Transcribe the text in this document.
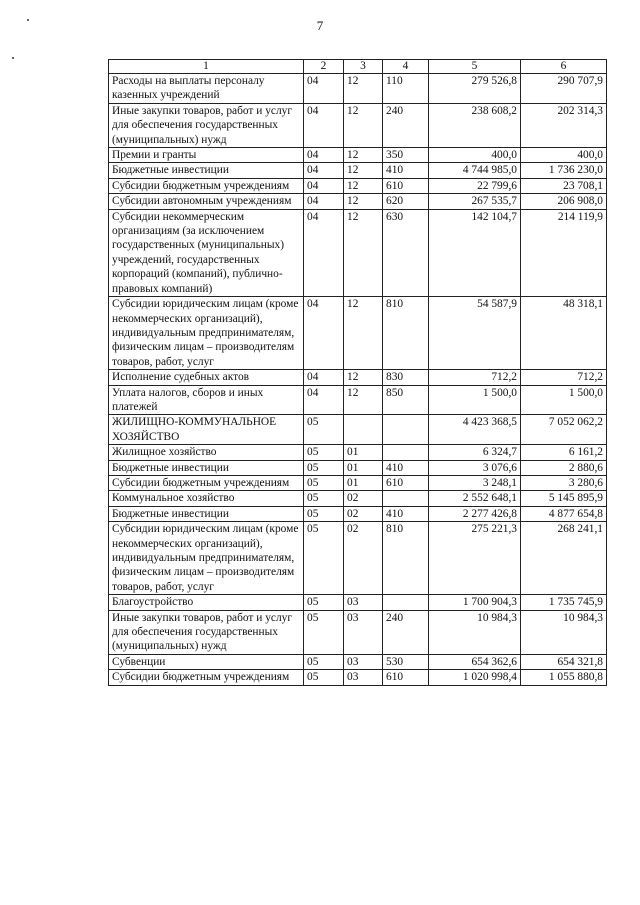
7
1	2	3	4	5	6
Расходы на выплаты персоналу казенных учреждений	04	12	110	279 526,8	290 707,9
Иные закупки товаров, работ и услуг для обеспечения государственных (муниципальных) нужд	04	12	240	238 608,2	202 314,3
Премии и гранты	04	12	350	400,0	400,0
Бюджетные инвестиции	04	12	410	4 744 985,0	1 736 230,0
Субсидии бюджетным учреждениям	04	12	610	22 799,6	23 708,1
Субсидии автономным учреждениям	04	12	620	267 535,7	206 908,0
Субсидии некоммерческим организациям (за исключением государственных (муниципальных) учреждений, государственных корпораций (компаний), публично-правовых компаний)	04	12	630	142 104,7	214 119,9
Субсидии юридическим лицам (кроме некоммерческих организаций), индивидуальным предпринимателям, физическим лицам – производителям товаров, работ, услуг	04	12	810	54 587,9	48 318,1
Исполнение судебных актов	04	12	830	712,2	712,2
Уплата налогов, сборов и иных платежей	04	12	850	1 500,0	1 500,0
ЖИЛИЩНО-КОММУНАЛЬНОЕ ХОЗЯЙСТВО	05			4 423 368,5	7 052 062,2
Жилищное хозяйство	05	01		6 324,7	6 161,2
Бюджетные инвестиции	05	01	410	3 076,6	2 880,6
Субсидии бюджетным учреждениям	05	01	610	3 248,1	3 280,6
Коммунальное хозяйство	05	02		2 552 648,1	5 145 895,9
Бюджетные инвестиции	05	02	410	2 277 426,8	4 877 654,8
Субсидии юридическим лицам (кроме некоммерческих организаций), индивидуальным предпринимателям, физическим лицам – производителям товаров, работ, услуг	05	02	810	275 221,3	268 241,1
Благоустройство	05	03		1 700 904,3	1 735 745,9
Иные закупки товаров, работ и услуг для обеспечения государственных (муниципальных) нужд	05	03	240	10 984,3	10 984,3
Субвенции	05	03	530	654 362,6	654 321,8
Субсидии бюджетным учреждениям	05	03	610	1 020 998,4	1 055 880,8
